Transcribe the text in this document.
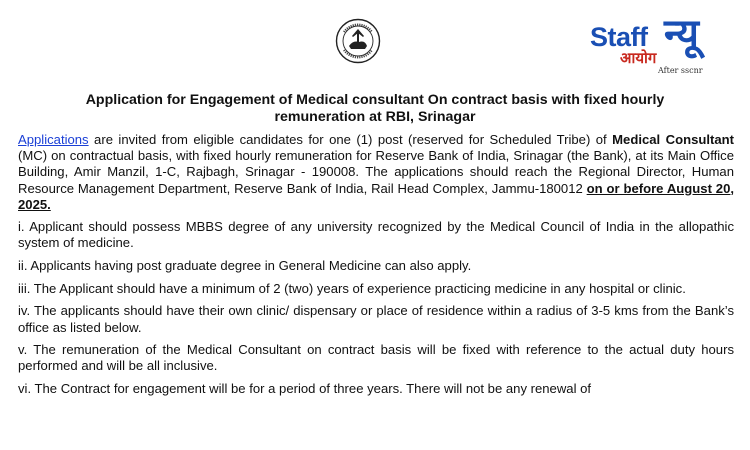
Staff न्यू
आयोग
After sscnr
Application for Engagement of Medical consultant On contract basis with fixed hourly
remuneration at RBI, Srinagar

Applications are invited from eligible candidates for one (1) post (reserved for Scheduled Tribe) of Medical Consultant (MC) on contractual basis, with fixed hourly remuneration for Reserve Bank of India, Srinagar (the Bank), at its Main Office Building, Amir Manzil, 1-C, Rajbagh, Srinagar - 190008. The applications should reach the Regional Director, Human Resource Management Department, Reserve Bank of India, Rail Head Complex, Jammu-180012 on or before August 20, 2025.

i. Applicant should possess MBBS degree of any university recognized by the Medical Council of India in the allopathic system of medicine.

ii. Applicants having post graduate degree in General Medicine can also apply.

iii. The Applicant should have a minimum of 2 (two) years of experience practicing medicine in any hospital or clinic.

iv. The applicants should have their own clinic/ dispensary or place of residence within a radius of 3-5 kms from the Bank’s office as listed below.

v. The remuneration of the Medical Consultant on contract basis will be fixed with reference to the actual duty hours performed and will be all inclusive.

vi. The Contract for engagement will be for a period of three years. There will not be any renewal of
